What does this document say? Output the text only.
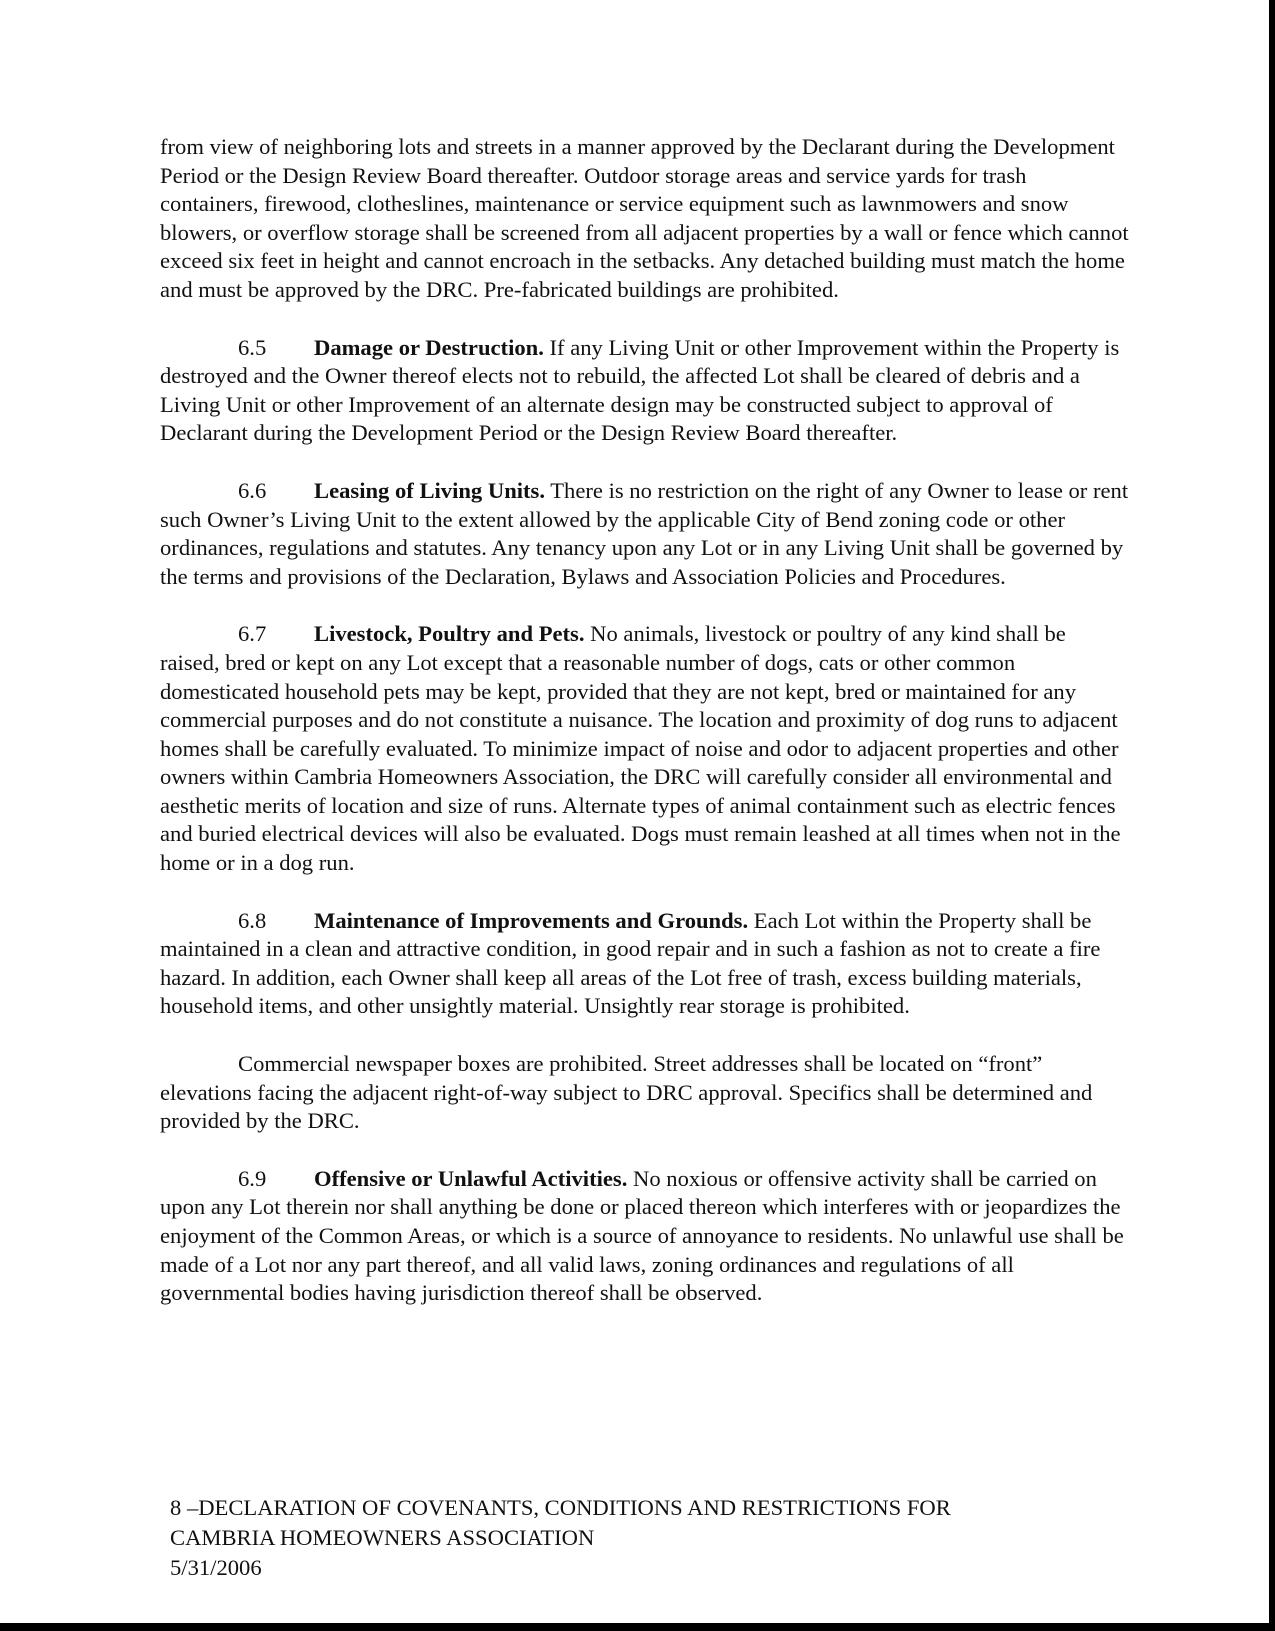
from view of neighboring lots and streets in a manner approved by the Declarant during the Development Period or the Design Review Board thereafter. Outdoor storage areas and service yards for trash containers, firewood, clotheslines, maintenance or service equipment such as lawnmowers and snow blowers, or overflow storage shall be screened from all adjacent properties by a wall or fence which cannot exceed six feet in height and cannot encroach in the setbacks. Any detached building must match the home and must be approved by the DRC. Pre-fabricated buildings are prohibited.

6.5 Damage or Destruction. If any Living Unit or other Improvement within the Property is destroyed and the Owner thereof elects not to rebuild, the affected Lot shall be cleared of debris and a Living Unit or other Improvement of an alternate design may be constructed subject to approval of Declarant during the Development Period or the Design Review Board thereafter.

6.6 Leasing of Living Units. There is no restriction on the right of any Owner to lease or rent such Owner’s Living Unit to the extent allowed by the applicable City of Bend zoning code or other ordinances, regulations and statutes. Any tenancy upon any Lot or in any Living Unit shall be governed by the terms and provisions of the Declaration, Bylaws and Association Policies and Procedures.

6.7 Livestock, Poultry and Pets. No animals, livestock or poultry of any kind shall be raised, bred or kept on any Lot except that a reasonable number of dogs, cats or other common domesticated household pets may be kept, provided that they are not kept, bred or maintained for any commercial purposes and do not constitute a nuisance. The location and proximity of dog runs to adjacent homes shall be carefully evaluated. To minimize impact of noise and odor to adjacent properties and other owners within Cambria Homeowners Association, the DRC will carefully consider all environmental and aesthetic merits of location and size of runs. Alternate types of animal containment such as electric fences and buried electrical devices will also be evaluated. Dogs must remain leashed at all times when not in the home or in a dog run.

6.8 Maintenance of Improvements and Grounds. Each Lot within the Property shall be maintained in a clean and attractive condition, in good repair and in such a fashion as not to create a fire hazard. In addition, each Owner shall keep all areas of the Lot free of trash, excess building materials, household items, and other unsightly material. Unsightly rear storage is prohibited.

Commercial newspaper boxes are prohibited. Street addresses shall be located on “front” elevations facing the adjacent right-of-way subject to DRC approval. Specifics shall be determined and provided by the DRC.

6.9 Offensive or Unlawful Activities. No noxious or offensive activity shall be carried on upon any Lot therein nor shall anything be done or placed thereon which interferes with or jeopardizes the enjoyment of the Common Areas, or which is a source of annoyance to residents. No unlawful use shall be made of a Lot nor any part thereof, and all valid laws, zoning ordinances and regulations of all governmental bodies having jurisdiction thereof shall be observed.

8 –DECLARATION OF COVENANTS, CONDITIONS AND RESTRICTIONS FOR
CAMBRIA HOMEOWNERS ASSOCIATION
5/31/2006
